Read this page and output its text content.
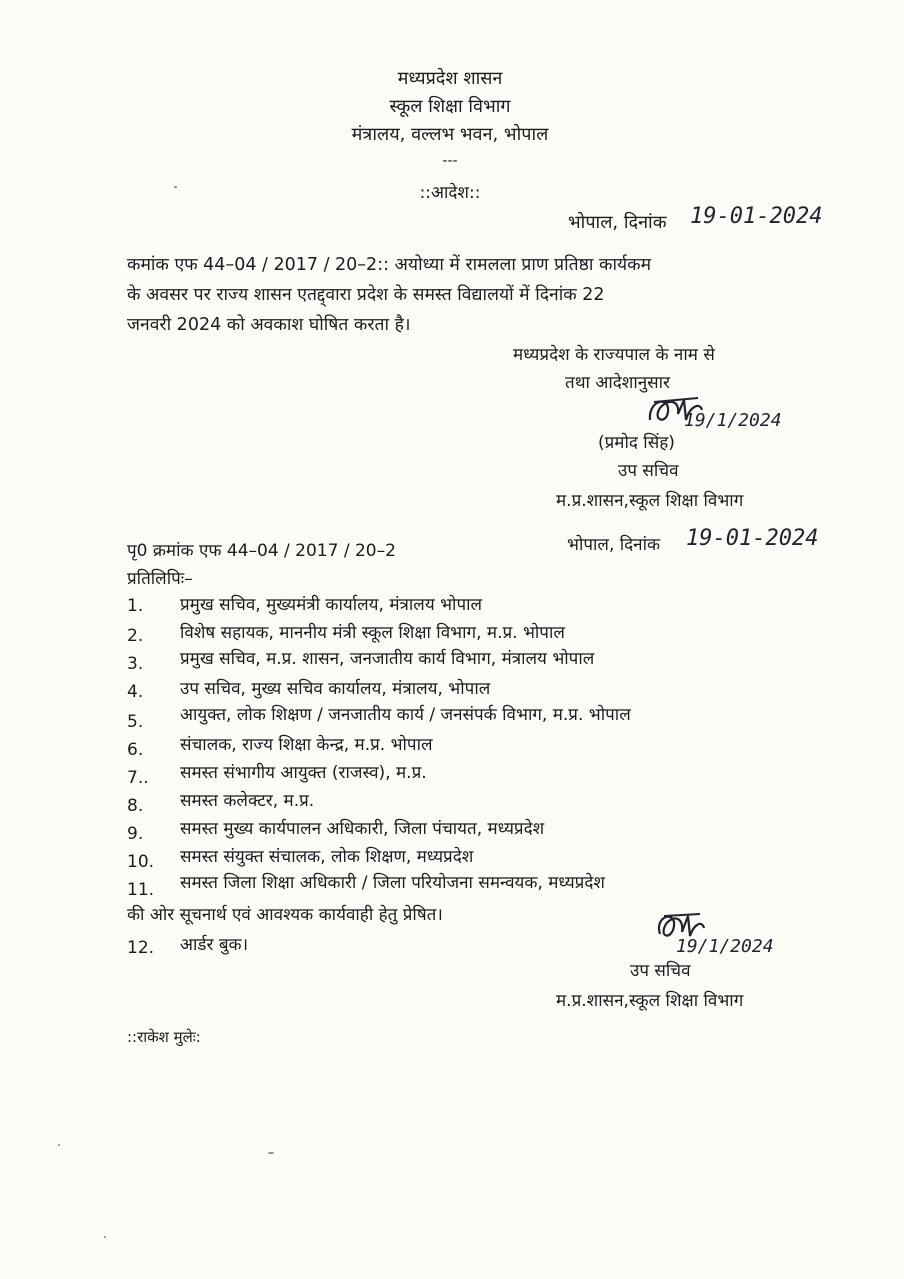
मध्यप्रदेश शासन
स्कूल शिक्षा विभाग
मंत्रालय, वल्लभ भवन, भोपाल
---
::आदेश::
भोपाल, दिनांक 19-01-2024
कमांक एफ 44–04 / 2017 / 20–2:: अयोध्या में रामलला प्राण प्रतिष्ठा कार्यकम
के अवसर पर राज्य शासन एतद्द्वारा प्रदेश के समस्त विद्यालयों में दिनांक 22
जनवरी 2024 को अवकाश घोषित करता है।
मध्यप्रदेश के राज्यपाल के नाम से
तथा आदेशानुसार
19/1/2024
(प्रमोद सिंह)
उप सचिव
म.प्र.शासन,स्कूल शिक्षा विभाग
पृ0 क्रमांक एफ 44–04 / 2017 / 20–2	भोपाल, दिनांक 19-01-2024
प्रतिलिपिः–
1. प्रमुख सचिव, मुख्यमंत्री कार्यालय, मंत्रालय भोपाल
2. विशेष सहायक, माननीय मंत्री स्कूल शिक्षा विभाग, म.प्र. भोपाल
3. प्रमुख सचिव, म.प्र. शासन, जनजातीय कार्य विभाग, मंत्रालय भोपाल
4. उप सचिव, मुख्य सचिव कार्यालय, मंत्रालय, भोपाल
5. आयुक्त, लोक शिक्षण / जनजातीय कार्य / जनसंपर्क विभाग, म.प्र. भोपाल
6. संचालक, राज्य शिक्षा केन्द्र, म.प्र. भोपाल
7.. समस्त संभागीय आयुक्त (राजस्व), म.प्र.
8. समस्त कलेक्टर, म.प्र.
9. समस्त मुख्य कार्यपालन अधिकारी, जिला पंचायत, मध्यप्रदेश
10. समस्त संयुक्त संचालक, लोक शिक्षण, मध्यप्रदेश
11. समस्त जिला शिक्षा अधिकारी / जिला परियोजना समन्वयक, मध्यप्रदेश
की ओर सूचनार्थ एवं आवश्यक कार्यवाही हेतु प्रेषित।
12. आर्डर बुक।	19/1/2024
उप सचिव
म.प्र.शासन,स्कूल शिक्षा विभाग
::राकेश मुलेः:
